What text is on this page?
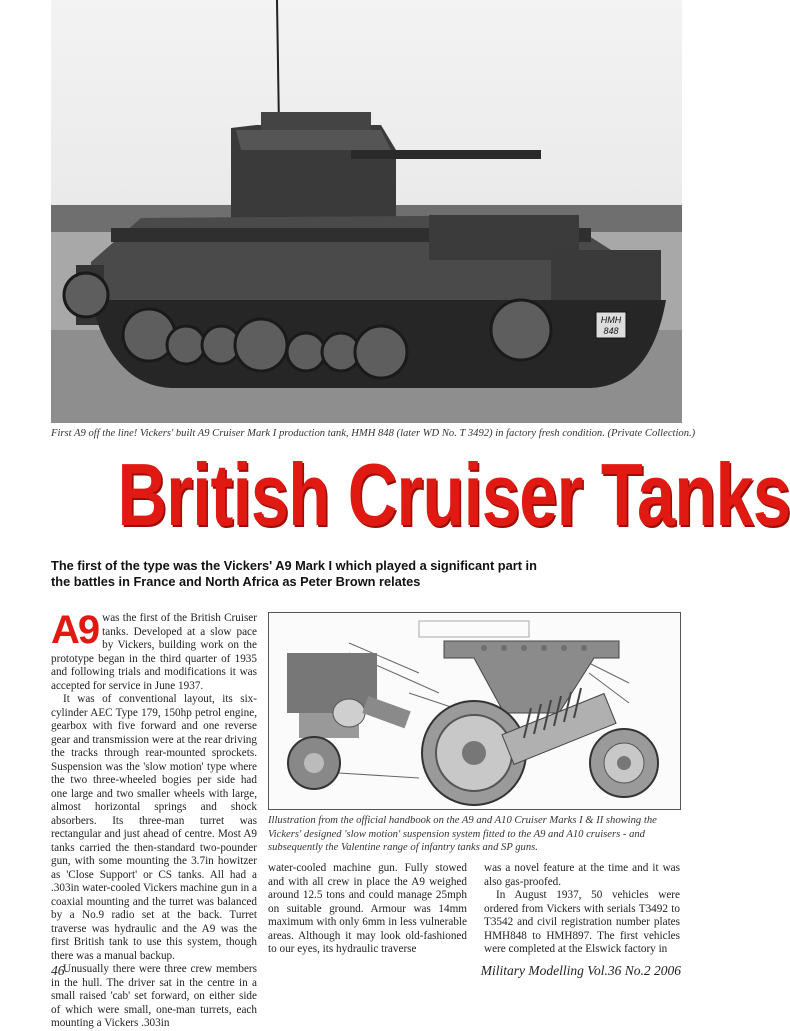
HMH
848
First A9 off the line! Vickers' built A9 Cruiser Mark I production tank, HMH 848 (later WD No. T 3492) in factory fresh condition. (Private Collection.)
British Cruiser Tanks
The first of the type was the Vickers' A9 Mark I which played a significant part in the battles in France and North Africa as Peter Brown relates

A9 was the first of the British Cruiser tanks. Developed at a slow pace by Vickers, building work on the prototype began in the third quarter of 1935 and following trials and modifications it was accepted for service in June 1937.

It was of conventional layout, its six-cylinder AEC Type 179, 150hp petrol engine, gearbox with five forward and one reverse gear and transmission were at the rear driving the tracks through rear-mounted sprockets. Suspension was the 'slow motion' type where the two three-wheeled bogies per side had one large and two smaller wheels with large, almost horizontal springs and shock absorbers. Its three-man turret was rectangular and just ahead of centre. Most A9 tanks carried the then-standard two-pounder gun, with some mounting the 3.7in howitzer as 'Close Support' or CS tanks. All had a .303in water-cooled Vickers machine gun in a coaxial mounting and the turret was balanced by a No.9 radio set at the back. Turret traverse was hydraulic and the A9 was the first British tank to use this system, though there was a manual backup.

Unusually there were three crew members in the hull. The driver sat in the centre in a small raised 'cab' set forward, on either side of which were small, one-man turrets, each mounting a Vickers .303in

Illustration from the official handbook on the A9 and A10 Cruiser Marks I & II showing the Vickers' designed 'slow motion' suspension system fitted to the A9 and A10 cruisers - and subsequently the Valentine range of infantry tanks and SP guns.

water-cooled machine gun. Fully stowed and with all crew in place the A9 weighed around 12.5 tons and could manage 25mph on suitable ground. Armour was 14mm maximum with only 6mm in less vulnerable areas. Although it may look old-fashioned to our eyes, its hydraulic traverse

was a novel feature at the time and it was also gas-proofed.

In August 1937, 50 vehicles were ordered from Vickers with serials T3492 to T3542 and civil registration number plates HMH848 to HMH897. The first vehicles were completed at the Elswick factory in

46	Military Modelling Vol.36 No.2 2006
